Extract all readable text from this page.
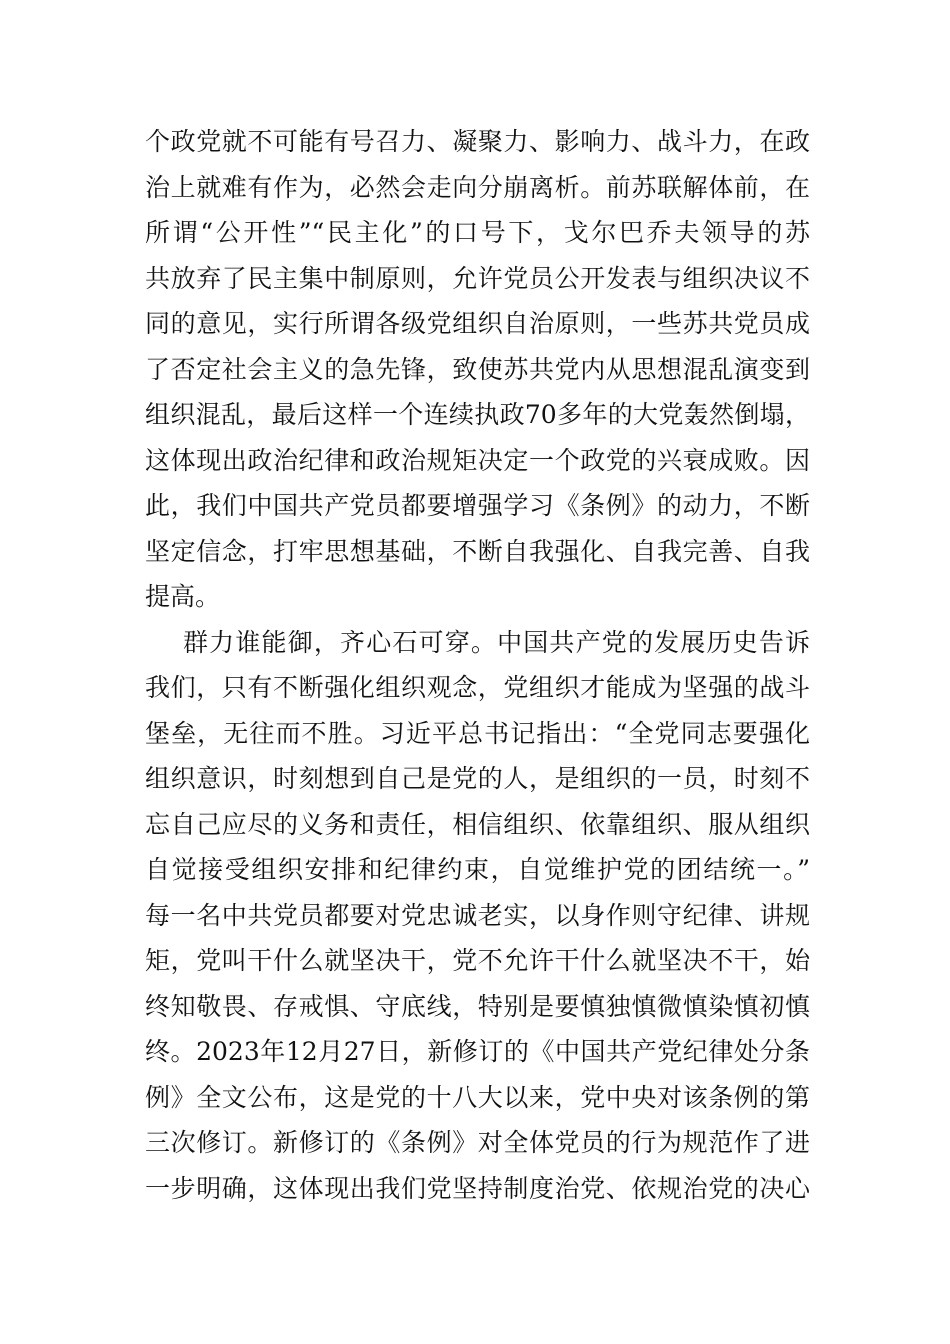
个政党就不可能有号召力、凝聚力、影响力、战斗力，在政
治上就难有作为，必然会走向分崩离析。前苏联解体前，在
所谓“公开性”“民主化”的口号下，戈尔巴乔夫领导的苏
共放弃了民主集中制原则，允许党员公开发表与组织决议不
同的意见，实行所谓各级党组织自治原则，一些苏共党员成
了否定社会主义的急先锋，致使苏共党内从思想混乱演变到
组织混乱，最后这样一个连续执政70多年的大党轰然倒塌，
这体现出政治纪律和政治规矩决定一个政党的兴衰成败。因
此，我们中国共产党员都要增强学习《条例》的动力，不断
坚定信念，打牢思想基础，不断自我强化、自我完善、自我
提高。
群力谁能御，齐心石可穿。中国共产党的发展历史告诉
我们，只有不断强化组织观念，党组织才能成为坚强的战斗
堡垒，无往而不胜。习近平总书记指出：“全党同志要强化
组织意识，时刻想到自己是党的人，是组织的一员，时刻不
忘自己应尽的义务和责任，相信组织、依靠组织、服从组织
自觉接受组织安排和纪律约束，自觉维护党的团结统一。”
每一名中共党员都要对党忠诚老实，以身作则守纪律、讲规
矩，党叫干什么就坚决干，党不允许干什么就坚决不干，始
终知敬畏、存戒惧、守底线，特别是要慎独慎微慎染慎初慎
终。2023年12月27日，新修订的《中国共产党纪律处分条
例》全文公布，这是党的十八大以来，党中央对该条例的第
三次修订。新修订的《条例》对全体党员的行为规范作了进
一步明确，这体现出我们党坚持制度治党、依规治党的决心
